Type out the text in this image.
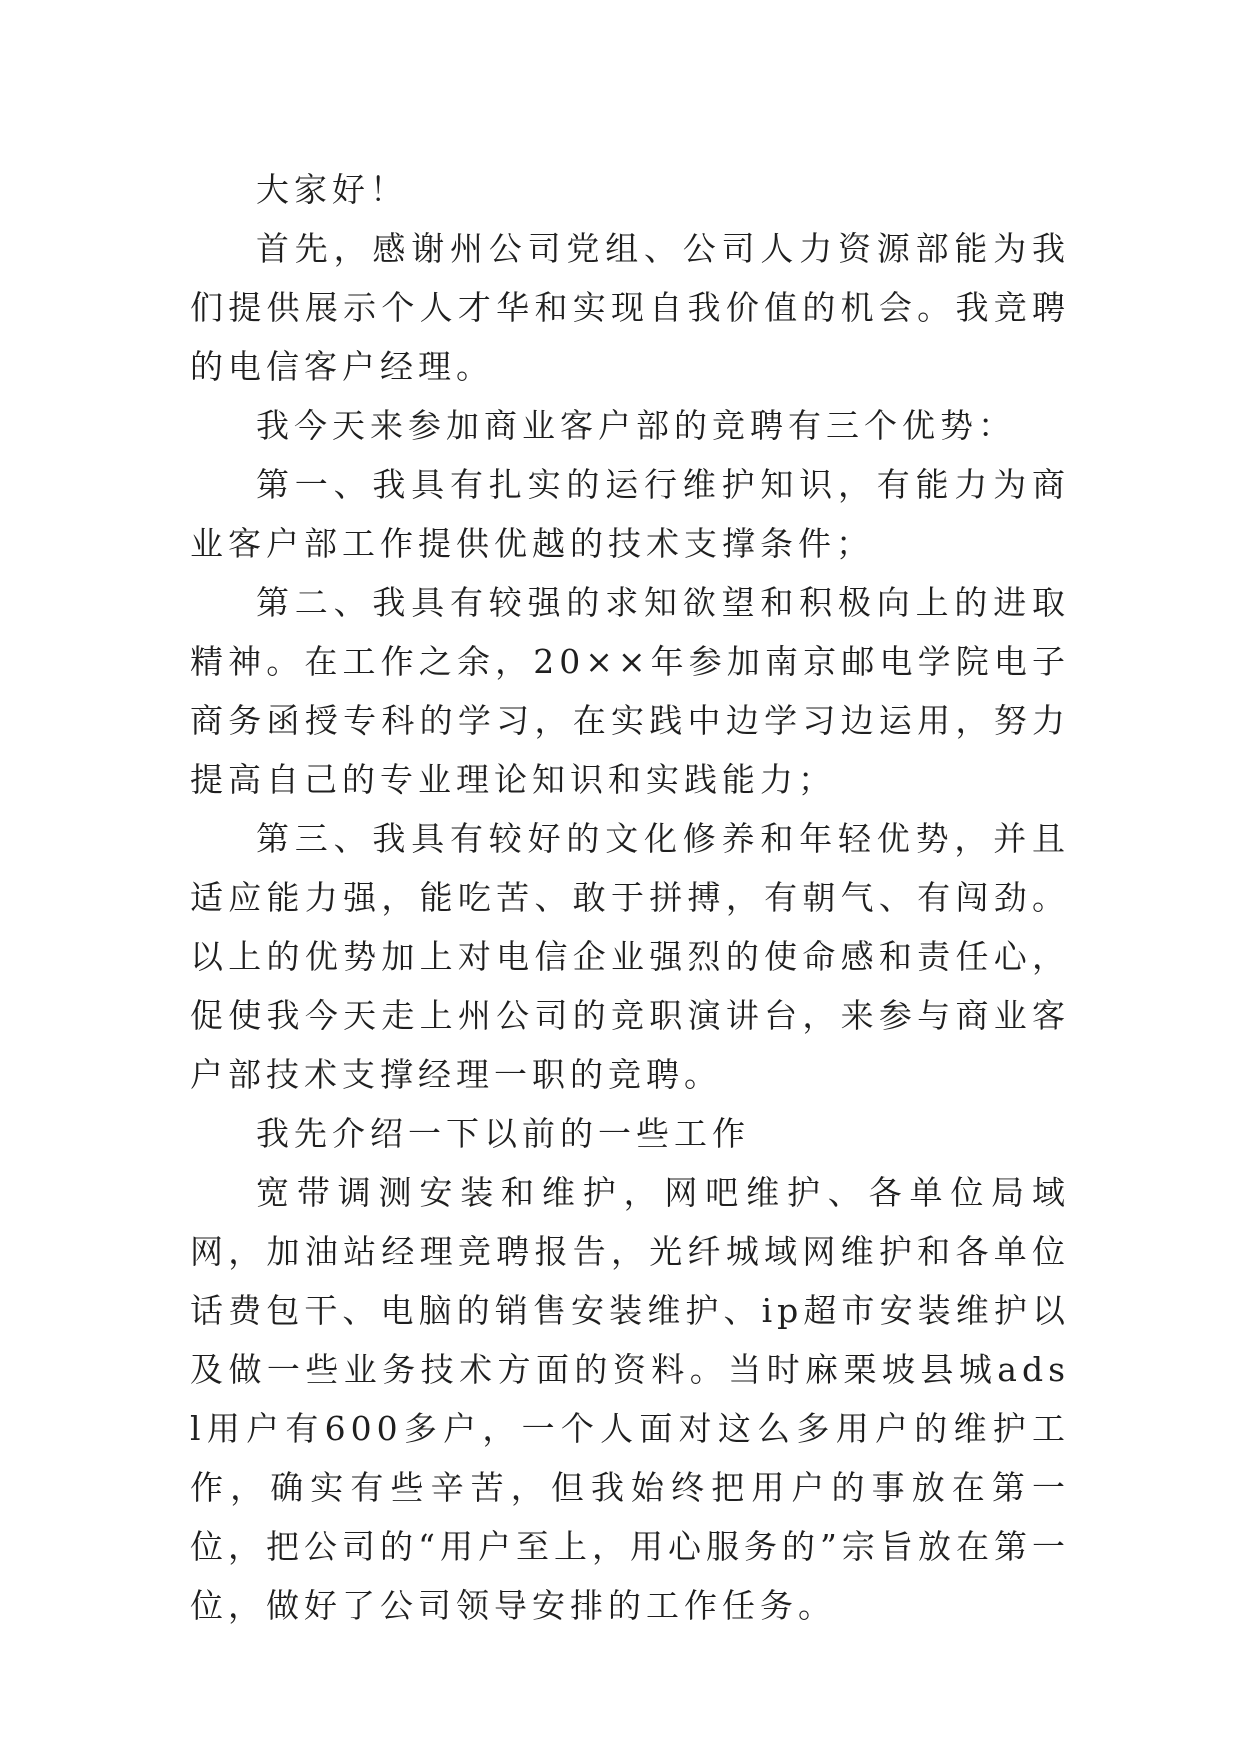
大家好！

首先，感谢州公司党组、公司人力资源部能为我们提供展示个人才华和实现自我价值的机会。我竞聘的电信客户经理。

我今天来参加商业客户部的竞聘有三个优势：

第一、我具有扎实的运行维护知识，有能力为商业客户部工作提供优越的技术支撑条件；

第二、我具有较强的求知欲望和积极向上的进取精神。在工作之余，20××年参加南京邮电学院电子商务函授专科的学习，在实践中边学习边运用，努力提高自己的专业理论知识和实践能力；

第三、我具有较好的文化修养和年轻优势，并且适应能力强，能吃苦、敢于拼搏，有朝气、有闯劲。以上的优势加上对电信企业强烈的使命感和责任心，促使我今天走上州公司的竞职演讲台，来参与商业客户部技术支撑经理一职的竞聘。

我先介绍一下以前的一些工作

宽带调测安装和维护，网吧维护、各单位局域网，加油站经理竞聘报告，光纤城域网维护和各单位话费包干、电脑的销售安装维护、ip超市安装维护以及做一些业务技术方面的资料。当时麻栗坡县城adsl用户有600多户，一个人面对这么多用户的维护工作，确实有些辛苦，但我始终把用户的事放在第一位，把公司的“用户至上，用心服务的”宗旨放在第一位，做好了公司领导安排的工作任务。
